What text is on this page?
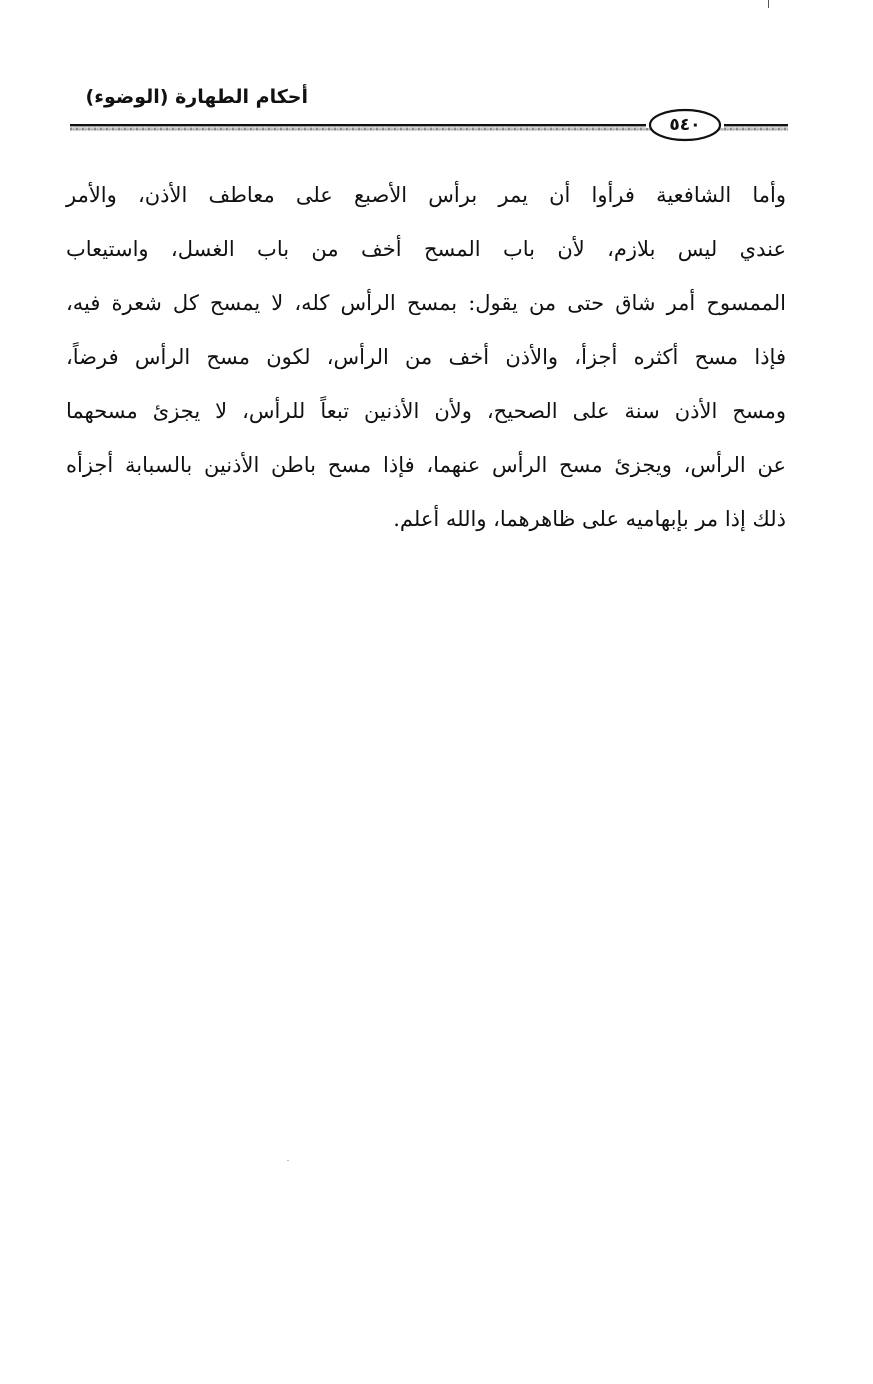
أحكام الطهارة (الوضوء)
٥٤٠
وأما الشافعية فرأوا أن يمر برأس الأصبع على معاطف الأذن، والأمر
عندي ليس بلازم، لأن باب المسح أخف من باب الغسل، واستيعاب
الممسوح أمر شاق حتى من يقول: بمسح الرأس كله، لا يمسح كل شعرة فيه،
فإذا مسح أكثره أجزأ، والأذن أخف من الرأس، لكون مسح الرأس فرضاً،
ومسح الأذن سنة على الصحيح، ولأن الأذنين تبعاً للرأس، لا يجزئ مسحهما
عن الرأس، ويجزئ مسح الرأس عنهما، فإذا مسح باطن الأذنين بالسبابة أجزأه
ذلك إذا مر بإبهاميه على ظاهرهما، والله أعلم.
